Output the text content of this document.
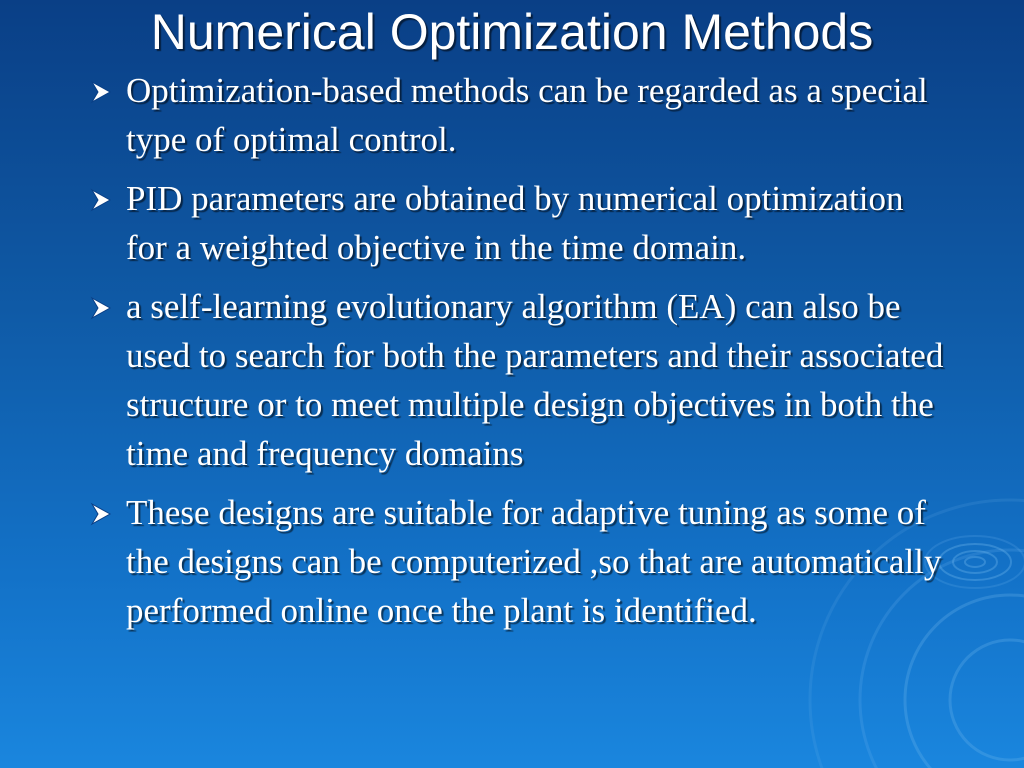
Numerical Optimization Methods
Optimization-based methods can be regarded as a special type of optimal control.
PID parameters are obtained by numerical optimization for a weighted objective in the time domain.
a self-learning evolutionary algorithm (EA) can also be used to search for both the parameters and their associated structure or to meet multiple design objectives in both the time and frequency domains
These designs are suitable for adaptive tuning as some of the designs can be computerized ,so that are automatically performed online once the plant is identified.
